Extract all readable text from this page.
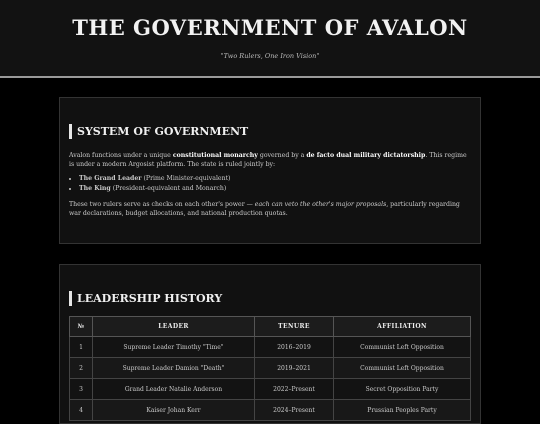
THE GOVERNMENT OF AVALON
"Two Rulers, One Iron Vision"
SYSTEM OF GOVERNMENT
Avalon functions under a unique constitutional monarchy governed by a de facto dual military dictatorship. This regime is under a modern Argosist platform. The state is ruled jointly by:
• The Grand Leader (Prime Minister-equivalent)
• The King (President-equivalent and Monarch)
These two rulers serve as checks on each other's power — each can veto the other's major proposals, particularly regarding war declarations, budget allocations, and national production quotas.
LEADERSHIP HISTORY
№	LEADER	TENURE	AFFILIATION
1	Supreme Leader Timothy "Time"	2016–2019	Communist Left Opposition
2	Supreme Leader Damion "Death"	2019–2021	Communist Left Opposition
3	Grand Leader Natalie Anderson	2022–Present	Secret Opposition Party
4	Kaiser Johan Kerr	2024–Present	Prussian Peoples Party
